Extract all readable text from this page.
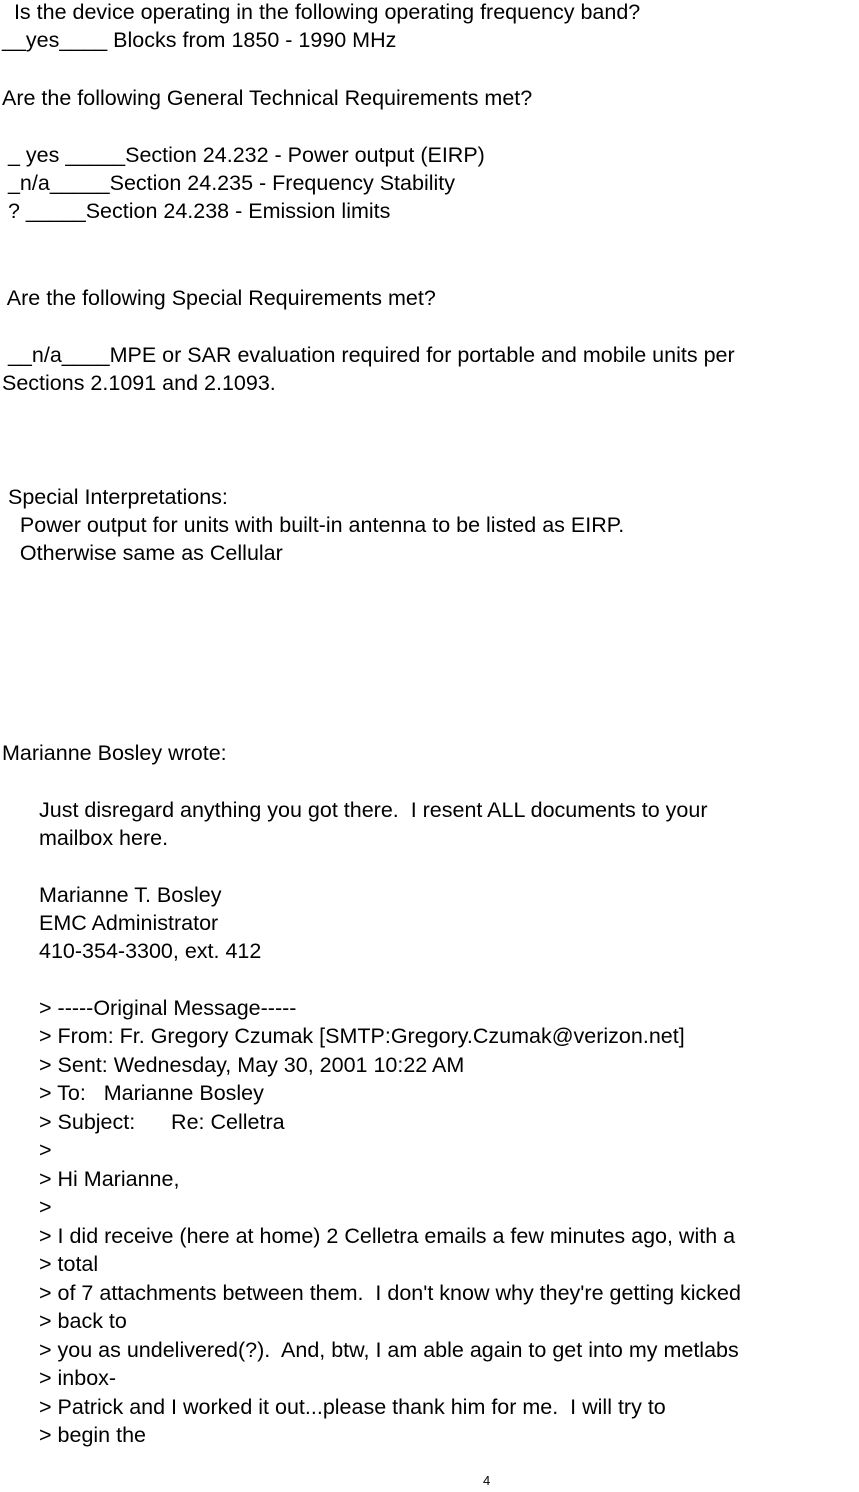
Is the device operating in the following operating frequency band?
__yes____ Blocks from 1850 - 1990 MHz
Are the following General Technical Requirements met?
_ yes _____Section 24.232 - Power output (EIRP)
_n/a_____Section 24.235 - Frequency Stability
? _____Section 24.238 - Emission limits
Are the following Special Requirements met?
__n/a____MPE or SAR evaluation required for portable and mobile units per
Sections 2.1091 and 2.1093.
Special Interpretations:
Power output for units with built-in antenna to be listed as EIRP.
Otherwise same as Cellular
Marianne Bosley wrote:
Just disregard anything you got there.  I resent ALL documents to your
mailbox here.
Marianne T. Bosley
EMC Administrator
410-354-3300, ext. 412
> -----Original Message-----
> From: Fr. Gregory Czumak [SMTP:Gregory.Czumak@verizon.net]
> Sent: Wednesday, May 30, 2001 10:22 AM
> To:   Marianne Bosley
> Subject:      Re: Celletra
>
> Hi Marianne,
>
> I did receive (here at home) 2 Celletra emails a few minutes ago, with a
> total
> of 7 attachments between them.  I don't know why they're getting kicked
> back to
> you as undelivered(?).  And, btw, I am able again to get into my metlabs
> inbox-
> Patrick and I worked it out...please thank him for me.  I will try to
> begin the
4
